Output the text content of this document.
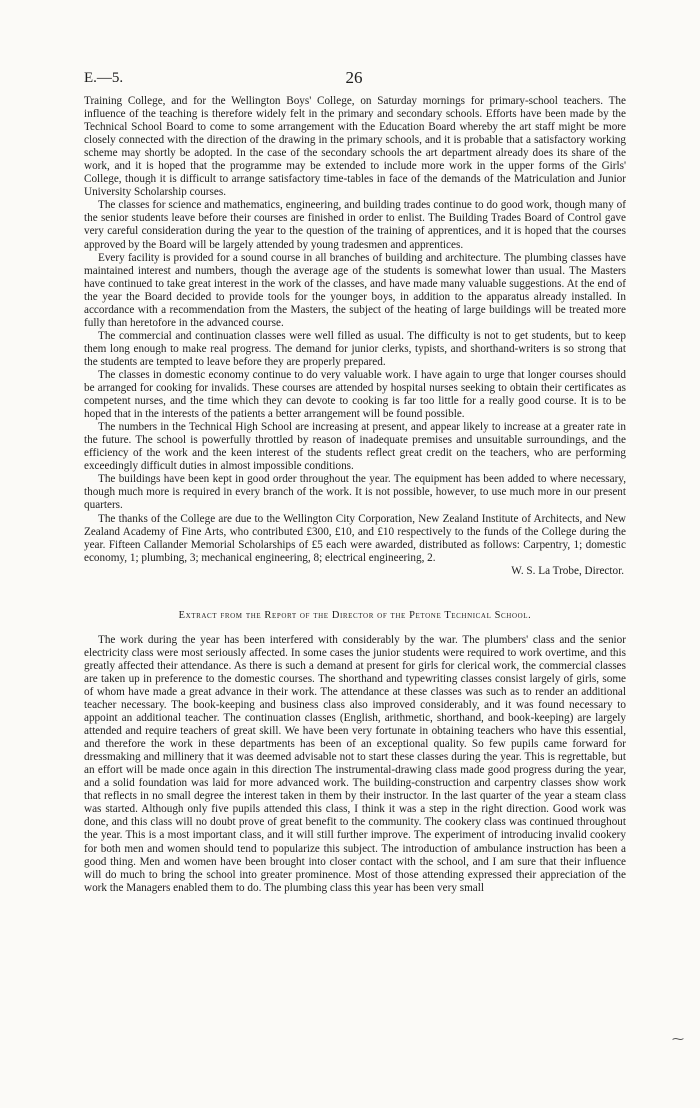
E.—5.	26

Training College, and for the Wellington Boys' College, on Saturday mornings for primary-school teachers. The influence of the teaching is therefore widely felt in the primary and secondary schools. Efforts have been made by the Technical School Board to come to some arrangement with the Education Board whereby the art staff might be more closely connected with the direction of the drawing in the primary schools, and it is probable that a satisfactory working scheme may shortly be adopted. In the case of the secondary schools the art department already does its share of the work, and it is hoped that the programme may be extended to include more work in the upper forms of the Girls' College, though it is difficult to arrange satisfactory time-tables in face of the demands of the Matriculation and Junior University Scholarship courses.

The classes for science and mathematics, engineering, and building trades continue to do good work, though many of the senior students leave before their courses are finished in order to enlist. The Building Trades Board of Control gave very careful consideration during the year to the question of the training of apprentices, and it is hoped that the courses approved by the Board will be largely attended by young tradesmen and apprentices.

Every facility is provided for a sound course in all branches of building and architecture. The plumbing classes have maintained interest and numbers, though the average age of the students is somewhat lower than usual. The Masters have continued to take great interest in the work of the classes, and have made many valuable suggestions. At the end of the year the Board decided to provide tools for the younger boys, in addition to the apparatus already installed. In accordance with a recommendation from the Masters, the subject of the heating of large buildings will be treated more fully than heretofore in the advanced course.

The commercial and continuation classes were well filled as usual. The difficulty is not to get students, but to keep them long enough to make real progress. The demand for junior clerks, typists, and shorthand-writers is so strong that the students are tempted to leave before they are properly prepared.

The classes in domestic economy continue to do very valuable work. I have again to urge that longer courses should be arranged for cooking for invalids. These courses are attended by hospital nurses seeking to obtain their certificates as competent nurses, and the time which they can devote to cooking is far too little for a really good course. It is to be hoped that in the interests of the patients a better arrangement will be found possible.

The numbers in the Technical High School are increasing at present, and appear likely to increase at a greater rate in the future. The school is powerfully throttled by reason of inadequate premises and unsuitable surroundings, and the efficiency of the work and the keen interest of the students reflect great credit on the teachers, who are performing exceedingly difficult duties in almost impossible conditions.

The buildings have been kept in good order throughout the year. The equipment has been added to where necessary, though much more is required in every branch of the work. It is not possible, however, to use much more in our present quarters.

The thanks of the College are due to the Wellington City Corporation, New Zealand Institute of Architects, and New Zealand Academy of Fine Arts, who contributed £300, £10, and £10 respectively to the funds of the College during the year. Fifteen Callander Memorial Scholarships of £5 each were awarded, distributed as follows: Carpentry, 1; domestic economy, 1; plumbing, 3; mechanical engineering, 8; electrical engineering, 2.

W. S. La Trobe, Director.
Extract from the Report of the Director of the Petone Technical School.

The work during the year has been interfered with considerably by the war. The plumbers' class and the senior electricity class were most seriously affected. In some cases the junior students were required to work overtime, and this greatly affected their attendance. As there is such a demand at present for girls for clerical work, the commercial classes are taken up in preference to the domestic courses. The shorthand and typewriting classes consist largely of girls, some of whom have made a great advance in their work. The attendance at these classes was such as to render an additional teacher necessary. The book-keeping and business class also improved considerably, and it was found necessary to appoint an additional teacher. The continuation classes (English, arithmetic, shorthand, and book-keeping) are largely attended and require teachers of great skill. We have been very fortunate in obtaining teachers who have this essential, and therefore the work in these departments has been of an exceptional quality. So few pupils came forward for dressmaking and millinery that it was deemed advisable not to start these classes during the year. This is regrettable, but an effort will be made once again in this direction The instrumental-drawing class made good progress during the year, and a solid foundation was laid for more advanced work. The building-construction and carpentry classes show work that reflects in no small degree the interest taken in them by their instructor. In the last quarter of the year a steam class was started. Although only five pupils attended this class, I think it was a step in the right direction. Good work was done, and this class will no doubt prove of great benefit to the community. The cookery class was continued throughout the year. This is a most important class, and it will still further improve. The experiment of introducing invalid cookery for both men and women should tend to popularize this subject. The introduction of ambulance instruction has been a good thing. Men and women have been brought into closer contact with the school, and I am sure that their influence will do much to bring the school into greater prominence. Most of those attending expressed their appreciation of the work the Managers enabled them to do. The plumbing class this year has been very small

⁓
